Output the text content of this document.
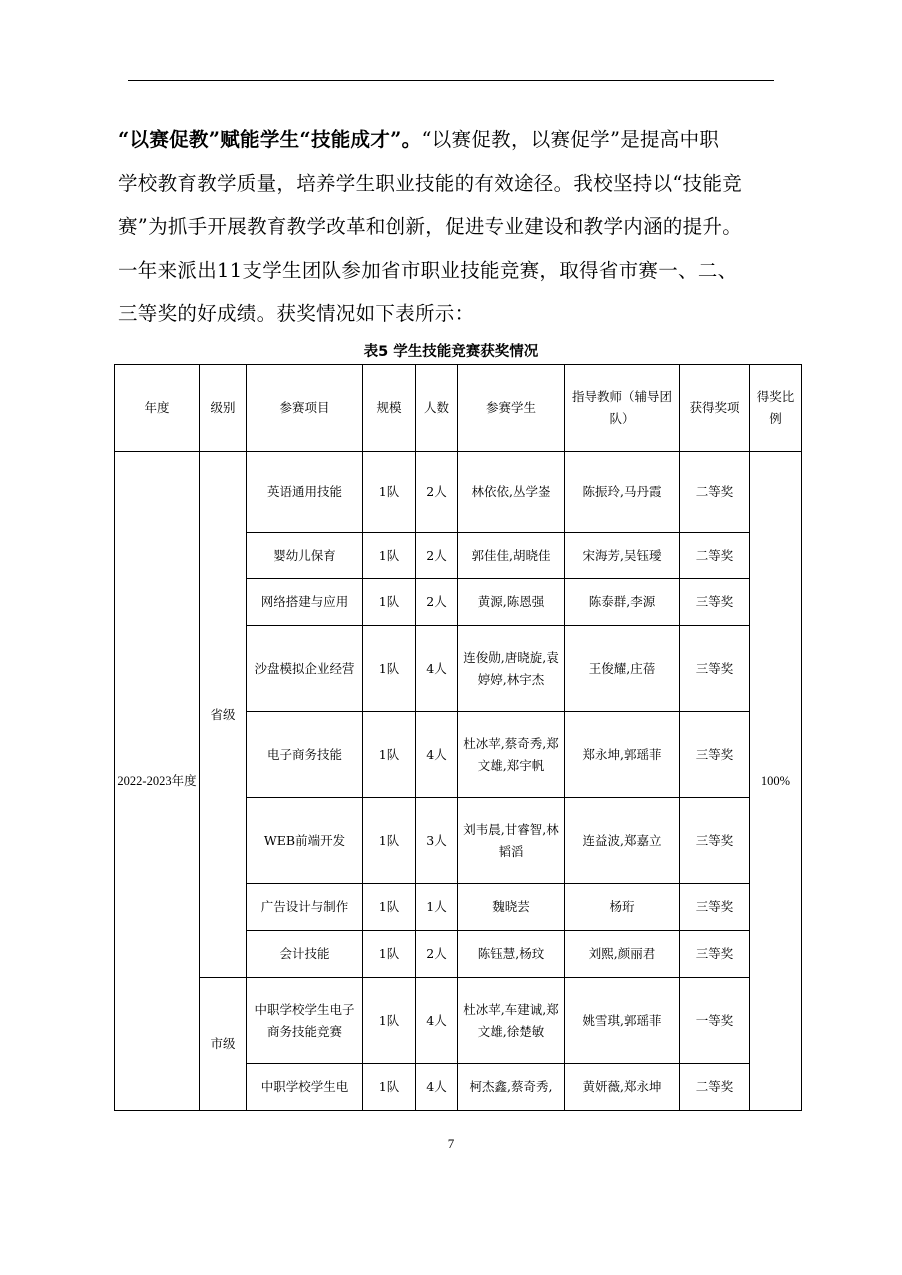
“以赛促教”赋能学生“技能成才”。“以赛促教，以赛促学”是提高中职

学校教育教学质量，培养学生职业技能的有效途径。我校坚持以“技能竞

赛”为抓手开展教育教学改革和创新，促进专业建设和教学内涵的提升。

一年来派出11支学生团队参加省市职业技能竞赛，取得省市赛一、二、

三等奖的好成绩。获奖情况如下表所示：

表5 学生技能竞赛获奖情况
年度	级别	参赛项目	规模	人数	参赛学生	指导教师（辅导团队）	获得奖项	得奖比例
2022-2023年度	省级	英语通用技能	1队	2人	林依依,丛学崟	陈振玲,马丹霞	二等奖	100%
		婴幼儿保育	1队	2人	郭佳佳,胡晓佳	宋海芳,吴钰璦	二等奖	
		网络搭建与应用	1队	2人	黄源,陈恩强	陈泰群,李源	三等奖	
		沙盘模拟企业经营	1队	4人	连俊勋,唐晓旋,袁婷婷,林宇杰	王俊耀,庄蓓	三等奖	
		电子商务技能	1队	4人	杜冰苹,蔡奇秀,郑文雄,郑宇帆	郑永坤,郭瑶菲	三等奖	
		WEB前端开发	1队	3人	刘韦晨,甘睿智,林韬滔	连益波,郑嘉立	三等奖	
		广告设计与制作	1队	1人	魏晓芸	杨珩	三等奖	
		会计技能	1队	2人	陈钰慧,杨玟	刘熙,颜丽君	三等奖	
	市级	中职学校学生电子商务技能竞赛	1队	4人	杜冰苹,车建诚,郑文雄,徐楚敏	姚雪琪,郭瑶菲	一等奖	
		中职学校学生电	1队	4人	柯杰鑫,蔡奇秀,	黄妍薇,郑永坤	二等奖	
7
